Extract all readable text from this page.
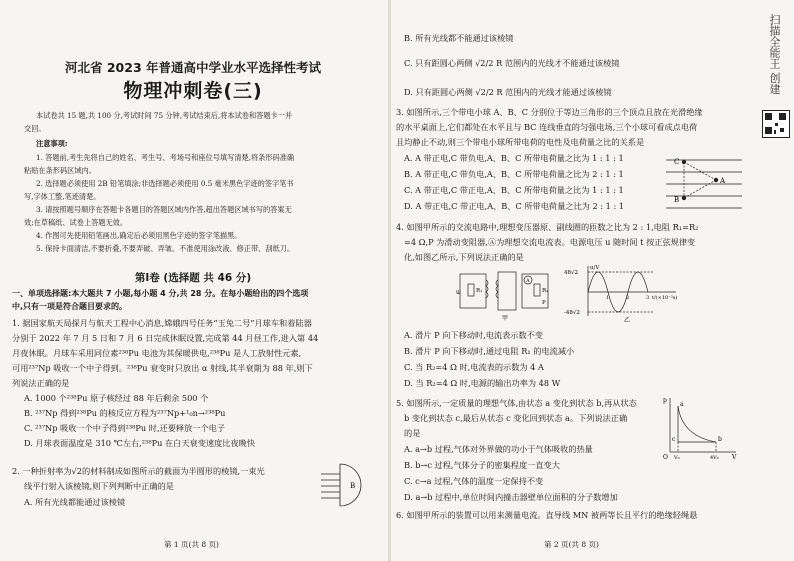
河北省 2023 年普通高中学业水平选择性考试
物理冲刺卷(三)
本试卷共 15 题,共 100 分,考试时间 75 分钟,考试结束后,将本试卷和答题卡一并
交回。
注意事项:
1. 答题前,考生先将自己的姓名、考生号、考场号和座位号填写清楚,将条形码准确
粘贴在条形码区域内。
2. 选择题必须使用 2B 铅笔填涂;非选择题必须使用 0.5 毫米黑色字迹的签字笔书
写,字体工整,笔迹清楚。
3. 请按照题号顺序在答题卡各题目的答题区域内作答,超出答题区域书写的答案无
效;在草稿纸、试卷上答题无效。
4. 作图可先使用铅笔画出,确定后必须用黑色字迹的签字笔描黑。
5. 保持卡面清洁,不要折叠,不要弄破、弄皱。不准使用涂改液、修正带、刮纸刀。
第Ⅰ卷 (选择题 共 46 分)
一、单项选择题:本大题共 7 小题,每小题 4 分,共 28 分。在每小题给出的四个选项
中,只有一项是符合题目要求的。
1. 据国家航天局探月与航天工程中心消息,嫦娥四号任务“玉兔二号”月球车和着陆器
分别于 2022 年 7 月 5 日和 7 月 6 日完成休眠设置,完成第 44 月昼工作,进入第 44
月夜休眠。月球车采用同位素²³⁸Pu 电池为其保暖供电,²³⁸Pu 是人工放射性元素,
可用²³⁷Np 吸收一个中子得到。²³⁸Pu 衰变时只放出 α 射线,其半衰期为 88 年,则下
列说法正确的是
A. 1000 个²³⁸Pu 原子核经过 88 年后剩余 500 个
B. ²³⁷Np 得到²³⁸Pu 的核反应方程为²³⁷Np+¹₀n→²³⁸Pu
C. ²³⁷Np 吸收一个中子得到²³⁸Pu 时,还要释放一个电子
D. 月球表面温度是 310 ℃左右,²³⁸Pu 在白天衰变速度比夜晚快
2. 一种折射率为√2的材料制成如图所示的截面为半圆形的棱镜,一束光
线平行射入该棱镜,则下列判断中正确的是
A. 所有光线都能通过该棱镜
B
第 1 页(共 8 页)
B. 所有光线都不能通过该棱镜
C. 只有距圆心两侧 √2/2 R 范围内的光线才不能通过该棱镜
D. 只有距圆心两侧 √2/2 R 范围内的光线才能通过该棱镜
3. 如图所示,三个带电小球 A、B、C 分别位于等边三角形的三个顶点且放在光滑绝缘
的水平桌面上,它们都处在水平且与 BC 连线垂直的匀强电场,三个小球可看成点电荷
且均静止不动,则三个带电小球所带电荷的电性及电荷量之比的关系是
A. A 带正电,C 带负电,A、B、C 所带电荷量之比为 1 : 1 : 1
B. A 带正电,C 带负电,A、B、C 所带电荷量之比为 2 : 1 : 1
C. A 带正电,C 带正电,A、B、C 所带电荷量之比为 1 : 1 : 1
D. A 带正电,C 带正电,A、B、C 所带电荷量之比为 2 : 1 : 1
C
A
B
4. 如图甲所示的交流电路中,理想变压器原、副线圈的匝数之比为 2 : 1,电阻 R₁=R₂
=4 Ω,P 为滑动变阻器,Ⓐ为理想交流电流表。电源电压 u 随时间 t 按正弦规律变
化,如图乙所示,下列说法正确的是
u	R₁	R₂
P
A
甲
u/V
48√2
-48√2
1	2	3 t/(×10⁻²s)
乙
A. 滑片 P 向下移动时,电流表示数不变
B. 滑片 P 向下移动时,通过电阻 R₁ 的电流减小
C. 当 R₂=4 Ω 时,电流表的示数为 4 A
D. 当 R₂=4 Ω 时,电源的输出功率为 48 W
5. 如图所示,一定质量的理想气体,由状态 a 变化到状态 b,再从状态
b 变化到状态 c,最后从状态 c 变化回到状态 a。下列说法正确
的是
p
V
O
a
b
c
V₀	4V₀
A. a→b 过程,气体对外界做的功小于气体吸收的热量
B. b→c 过程,气体分子的密集程度一直变大
C. c→a 过程,气体的温度一定保持不变
D. a→b 过程中,单位时间内撞击器壁单位面积的分子数增加
6. 如图甲所示的装置可以用来测量电流。直导线 MN 被两等长且平行的绝缘轻绳悬
第 2 页(共 8 页)
扫描全能王 创建
